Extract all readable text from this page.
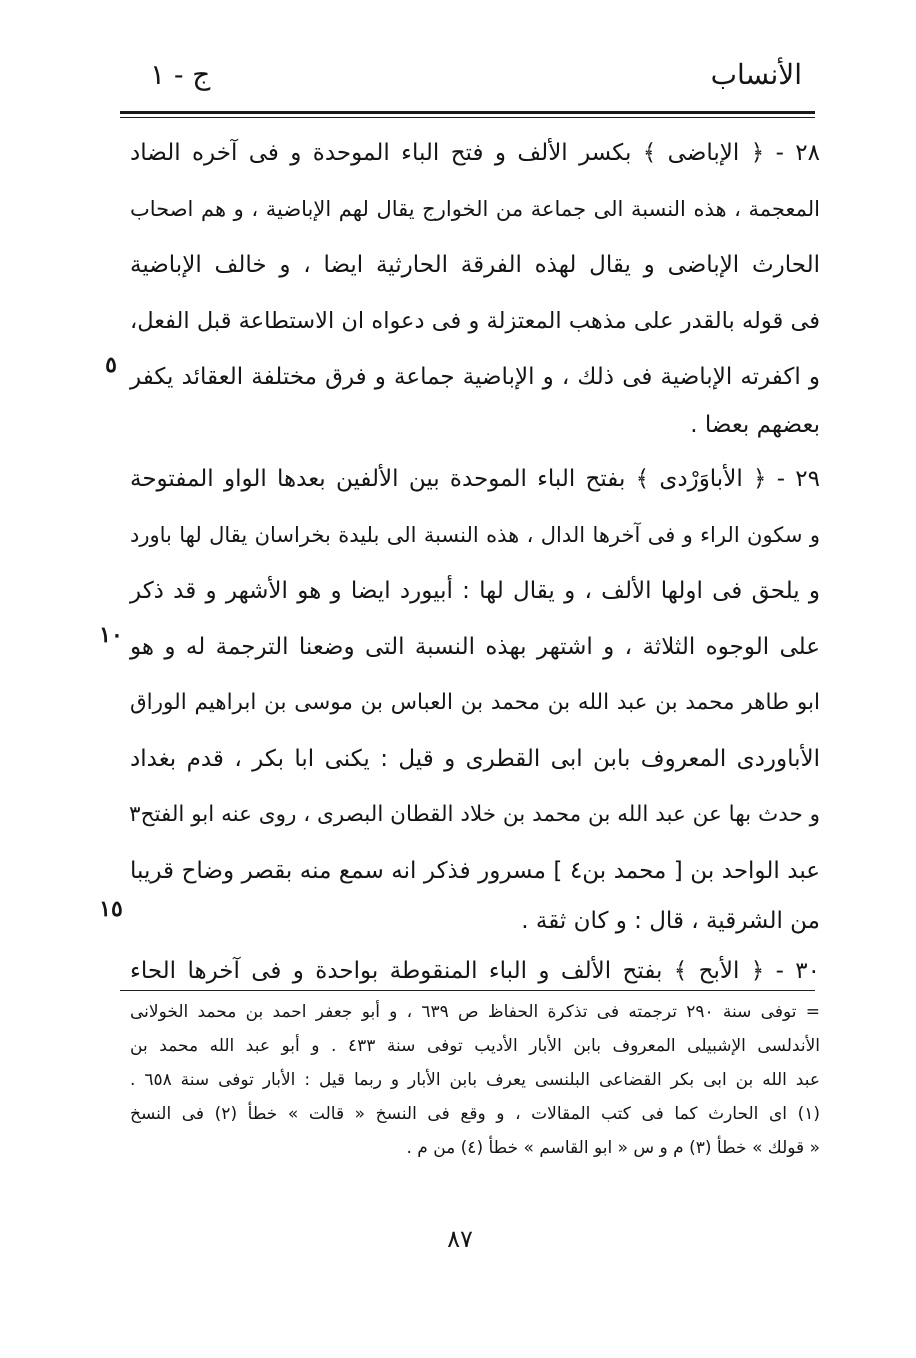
الأنساب
ج - ١
٢٨ - ﴿ الإباضى ﴾ بكسر الألف و فتح الباء الموحدة و فى آخره الضاد
المعجمة ، هذه النسبة الى جماعة من الخوارج يقال لهم الإباضية ، و هم اصحاب
الحارث الإباضى و يقال لهذه الفرقة الحارثية ايضا ، و خالف الإباضية
فى قوله بالقدر على مذهب المعتزلة و فى دعواه ان الاستطاعة قبل الفعل،
و اكفرته الإباضية فى ذلك ، و الإباضية جماعة و فرق مختلفة العقائد يكفر
بعضهم بعضا .
٢٩ - ﴿ الأباوَرْدى ﴾ بفتح الباء الموحدة بين الألفين بعدها الواو المفتوحة
و سكون الراء و فى آخرها الدال ، هذه النسبة الى بليدة بخراسان يقال لها باورد
و يلحق فى اولها الألف ، و يقال لها : أبيورد ايضا و هو الأشهر و قد ذكر
على الوجوه الثلاثة ، و اشتهر بهذه النسبة التى وضعنا الترجمة له و هو
ابو طاهر محمد بن عبد الله بن محمد بن العباس بن موسى بن ابراهيم الوراق
الأباوردى المعروف بابن ابى القطرى و قيل : يكنى ابا بكر ، قدم بغداد
و حدث بها عن عبد الله بن محمد بن خلاد القطان البصرى ، روى عنه ابو الفتح٣
عبد الواحد بن [ محمد بن٤ ] مسرور فذكر انه سمع منه بقصر وضاح قريبا
من الشرقية ، قال : و كان ثقة .
٣٠ - ﴿ الأبح ﴾ بفتح الألف و الباء المنقوطة بواحدة و فى آخرها الحاء
٥
١٠
١٥
= توفى سنة ٢٩٠ ترجمته فى تذكرة الحفاظ ص ٦٣٩ ، و أبو جعفر احمد بن محمد الخولانى
الأندلسى الإشبيلى المعروف بابن الأبار الأديب توفى سنة ٤٣٣ . و أبو عبد الله محمد بن
عبد الله بن ابى بكر القضاعى البلنسى يعرف بابن الأبار و ربما قيل : الأبار توفى سنة ٦٥٨ .
(١) اى الحارث كما فى كتب المقالات ، و وقع فى النسخ « قالت » خطأ (٢) فى النسخ
« قولك » خطأ (٣) م و س « ابو القاسم » خطأ (٤) من م .
٨٧
